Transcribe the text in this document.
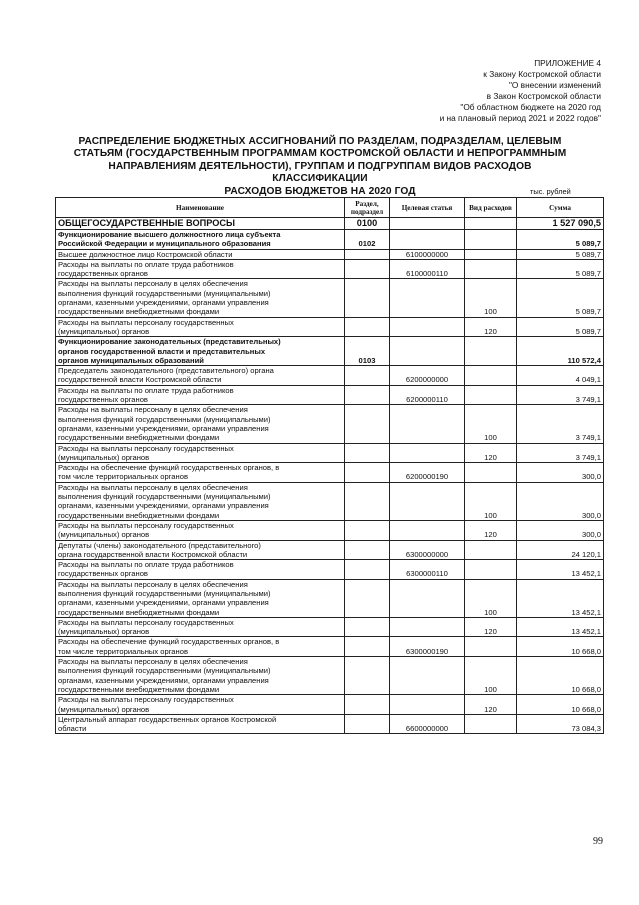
ПРИЛОЖЕНИЕ 4
к Закону Костромской области
"О внесении изменений
в Закон Костромской области
"Об областном бюджете на 2020 год
и на плановый период 2021 и 2022 годов"
РАСПРЕДЕЛЕНИЕ БЮДЖЕТНЫХ АССИГНОВАНИЙ ПО РАЗДЕЛАМ, ПОДРАЗДЕЛАМ, ЦЕЛЕВЫМ
СТАТЬЯМ (ГОСУДАРСТВЕННЫМ ПРОГРАММАМ КОСТРОМСКОЙ ОБЛАСТИ И НЕПРОГРАММНЫМ
НАПРАВЛЕНИЯМ ДЕЯТЕЛЬНОСТИ), ГРУППАМ И ПОДГРУППАМ ВИДОВ РАСХОДОВ КЛАССИФИКАЦИИ
РАСХОДОВ БЮДЖЕТОВ НА 2020 ГОД	тыс. рублей
Наименование	Раздел, подраздел	Целевая статья	Вид расходов	Сумма

ОБЩЕГОСУДАРСТВЕННЫЕ ВОПРОСЫ	0100			1 527 090,5

Функционирование высшего должностного лица субъекта
Российской Федерации и муниципального образования	0102			5 089,7

Высшее должностное лицо Костромской области		6100000000		5 089,7

Расходы на выплаты по оплате труда работников
государственных органов		6100000110		5 089,7

Расходы на выплаты персоналу в целях обеспечения
выполнения функций государственными (муниципальными)
органами, казенными учреждениями, органами управления
государственными внебюджетными фондами			100	5 089,7

Расходы на выплаты персоналу государственных
(муниципальных) органов			120	5 089,7

Функционирование законодательных (представительных)
органов государственной власти и представительных
органов муниципальных образований	0103			110 572,4

Председатель законодательного (представительного) органа
государственной власти Костромской области		6200000000		4 049,1

Расходы на выплаты по оплате труда работников
государственных органов		6200000110		3 749,1

Расходы на выплаты персоналу в целях обеспечения
выполнения функций государственными (муниципальными)
органами, казенными учреждениями, органами управления
государственными внебюджетными фондами			100	3 749,1

Расходы на выплаты персоналу государственных
(муниципальных) органов			120	3 749,1

Расходы на обеспечение функций государственных органов, в
том числе территориальных органов		6200000190		300,0

Расходы на выплаты персоналу в целях обеспечения
выполнения функций государственными (муниципальными)
органами, казенными учреждениями, органами управления
государственными внебюджетными фондами			100	300,0

Расходы на выплаты персоналу государственных
(муниципальных) органов			120	300,0

Депутаты (члены) законодательного (представительного)
органа государственной власти Костромской области		6300000000		24 120,1

Расходы на выплаты по оплате труда работников
государственных органов		6300000110		13 452,1

Расходы на выплаты персоналу в целях обеспечения
выполнения функций государственными (муниципальными)
органами, казенными учреждениями, органами управления
государственными внебюджетными фондами			100	13 452,1

Расходы на выплаты персоналу государственных
(муниципальных) органов			120	13 452,1

Расходы на обеспечение функций государственных органов, в
том числе территориальных органов		6300000190		10 668,0

Расходы на выплаты персоналу в целях обеспечения
выполнения функций государственными (муниципальными)
органами, казенными учреждениями, органами управления
государственными внебюджетными фондами			100	10 668,0

Расходы на выплаты персоналу государственных
(муниципальных) органов			120	10 668,0

Центральный аппарат государственных органов Костромской
области		6600000000		73 084,3
99
